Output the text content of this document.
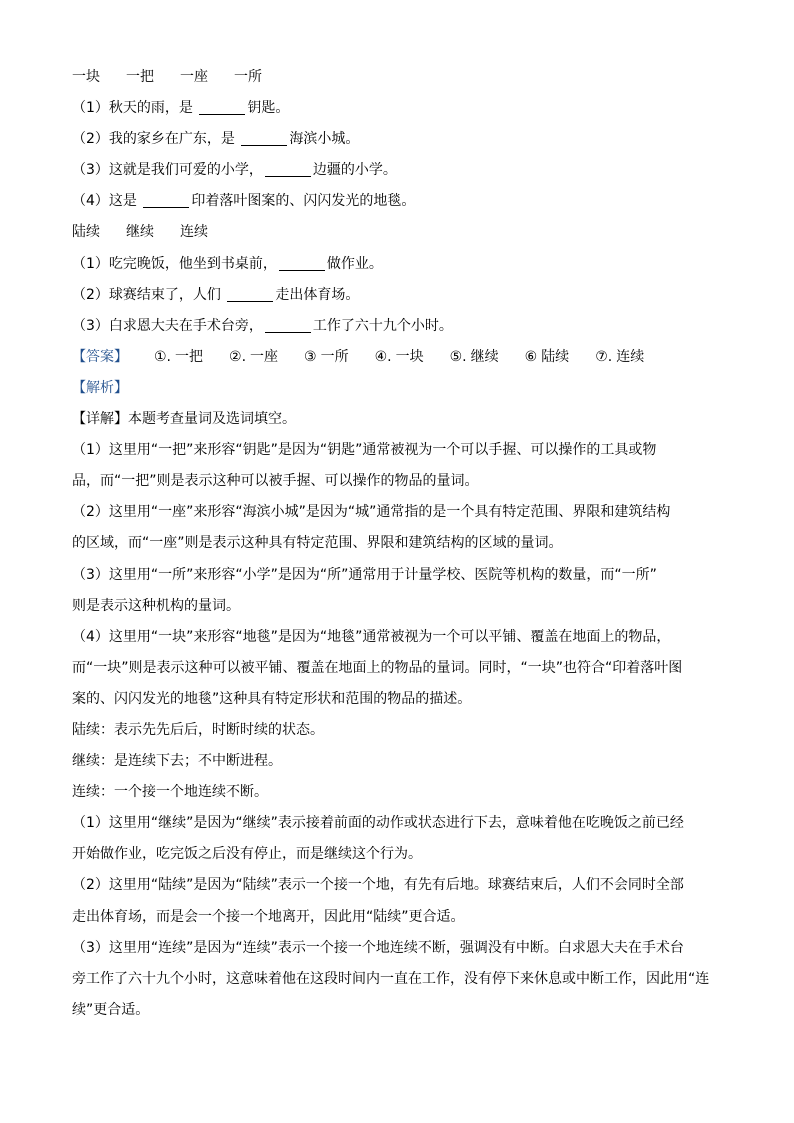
一块 一把 一座 一所
（1）秋天的雨，是	钥匙。
（2）我的家乡在广东，是	海滨小城。
（3）这就是我们可爱的小学，	边疆的小学。
（4）这是	印着落叶图案的、闪闪发光的地毯。
陆续 继续 连续
（1）吃完晚饭，他坐到书桌前，	做作业。
（2）球赛结束了，人们	走出体育场。
（3）白求恩大夫在手术台旁，	工作了六十九个小时。
【答案】 ①. 一把 ②. 一座 ③ 一所 ④. 一块 ⑤. 继续 ⑥ 陆续 ⑦. 连续
【解析】
【详解】本题考查量词及选词填空。
（1）这里用“一把”来形容“钥匙”是因为“钥匙”通常被视为一个可以手握、可以操作的工具或物
品，而“一把”则是表示这种可以被手握、可以操作的物品的量词。
（2）这里用“一座”来形容“海滨小城”是因为“城”通常指的是一个具有特定范围、界限和建筑结构
的区域，而“一座”则是表示这种具有特定范围、界限和建筑结构的区域的量词。
（3）这里用“一所”来形容“小学”是因为“所”通常用于计量学校、医院等机构的数量，而“一所”
则是表示这种机构的量词。
（4）这里用“一块”来形容“地毯”是因为“地毯”通常被视为一个可以平铺、覆盖在地面上的物品，
而“一块”则是表示这种可以被平铺、覆盖在地面上的物品的量词。同时，“一块”也符合“印着落叶图
案的、闪闪发光的地毯”这种具有特定形状和范围的物品的描述。
陆续：表示先先后后，时断时续的状态。
继续：是连续下去；不中断进程。
连续：一个接一个地连续不断。
（1）这里用“继续”是因为“继续”表示接着前面的动作或状态进行下去，意味着他在吃晚饭之前已经
开始做作业，吃完饭之后没有停止，而是继续这个行为。
（2）这里用“陆续”是因为“陆续”表示一个接一个地，有先有后地。球赛结束后，人们不会同时全部
走出体育场，而是会一个接一个地离开，因此用“陆续”更合适。
（3）这里用“连续”是因为“连续”表示一个接一个地连续不断，强调没有中断。白求恩大夫在手术台
旁工作了六十九个小时，这意味着他在这段时间内一直在工作，没有停下来休息或中断工作，因此用“连
续”更合适。
